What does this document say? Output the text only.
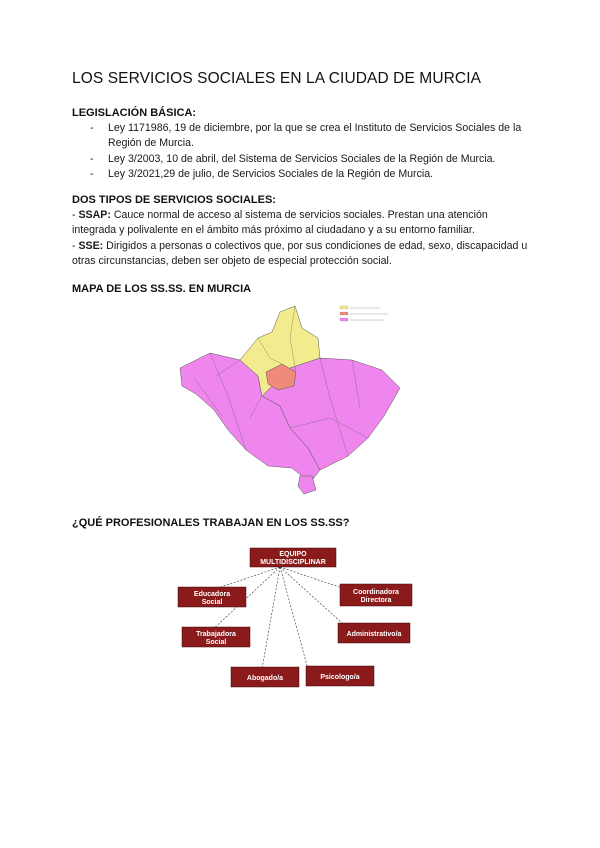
LOS SERVICIOS SOCIALES EN LA CIUDAD DE MURCIA
LEGISLACIÓN BÁSICA:
- Ley 1171986, 19 de diciembre, por la que se crea el Instituto de Servicios Sociales de la Región de Murcia.
- Ley 3/2003, 10 de abril, del Sistema de Servicios Sociales de la Región de Murcia.
- Ley 3/2021,29 de julio, de Servicios Sociales de la Región de Murcia.
DOS TIPOS DE SERVICIOS SOCIALES:

- SSAP: Cauce normal de acceso al sistema de servicios sociales. Prestan una atención integrada y polivalente en el ámbito más próximo al ciudadano y a su entorno familiar.

- SSE: Dirigidos a personas o colectivos que, por sus condiciones de edad, sexo, discapacidad u otras circunstancias, deben ser objeto de especial protección social.

MAPA DE LOS SS.SS. EN MURCIA
¿QUÉ PROFESIONALES TRABAJAN EN LOS SS.SS?
EQUIPO
MULTIDISCIPLINAR
Educadora
Social
Trabajadora
Social
Abogado/a	Psicologo/a
Administrativo/a
Coordinadora
Directora
